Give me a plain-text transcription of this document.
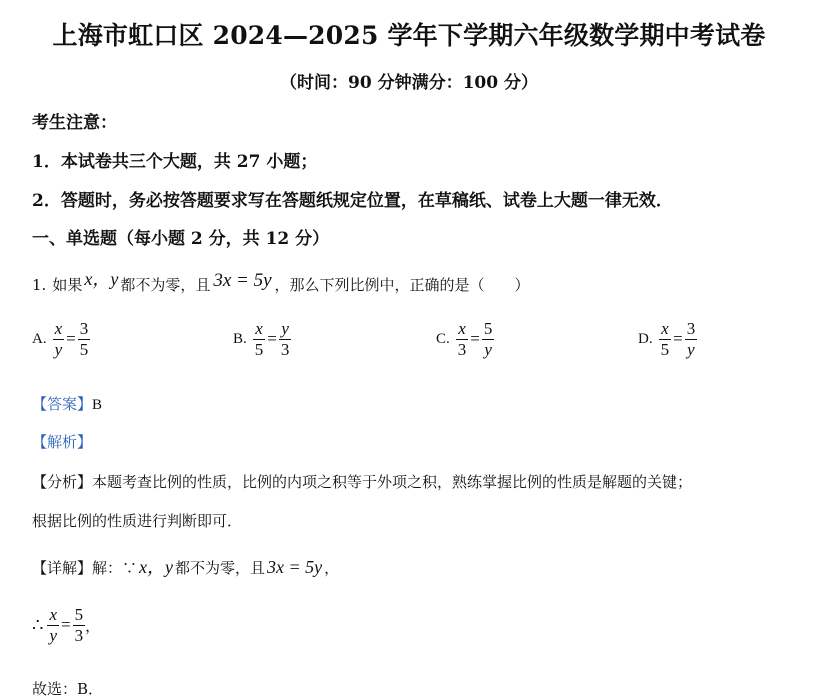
上海市虹口区 2024—2025 学年下学期六年级数学期中考试卷
（时间：90 分钟满分：100 分）
考生注意：
1．本试卷共三个大题，共 27 小题；
2．答题时，务必按答题要求写在答题纸规定位置，在草稿纸、试卷上大题一律无效．
一、单选题（每小题 2 分，共 12 分）
1. 如果 x，y 都不为零，且 3x = 5y ，那么下列比例中，正确的是（　　）
A. $\frac{x}{y} = \frac{3}{5}$	B. $\frac{x}{5} = \frac{y}{3}$	C. $\frac{x}{3} = \frac{5}{y}$	D. $\frac{x}{5} = \frac{3}{y}$
【答案】B
【解析】
【分析】本题考查比例的性质，比例的内项之积等于外项之积，熟练掌握比例的性质是解题的关键；
根据比例的性质进行判断即可．
【详解】 解：∵ x，y 都不为零，且 3x = 5y ，
∴ $\frac{x}{y} = \frac{5}{3}$ ，
故选：B．
